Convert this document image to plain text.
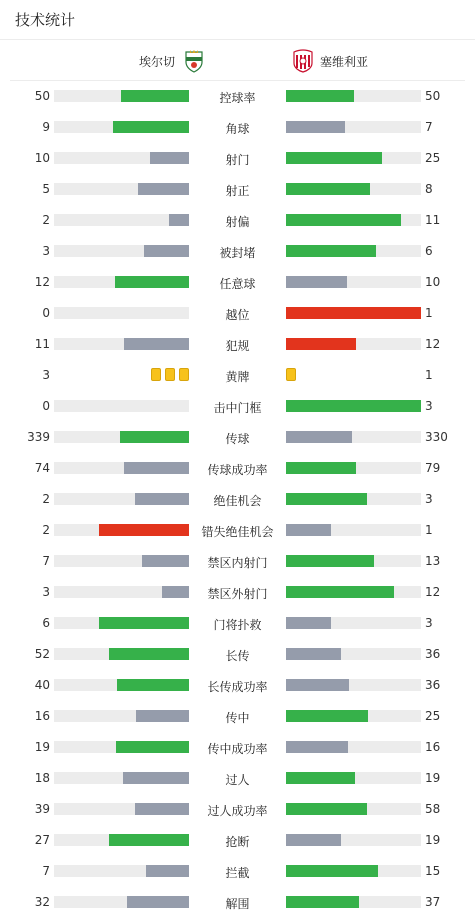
技术统计
埃尔切	塞维利亚
50	控球率	50
9	角球	7
10	射门	25
5	射正	8
2	射偏	11
3	被封堵	6
12	任意球	10
0	越位	1
11	犯规	12
3	黄牌	1
0	击中门框	3
339	传球	330
74	传球成功率	79
2	绝佳机会	3
2	错失绝佳机会	1
7	禁区内射门	13
3	禁区外射门	12
6	门将扑救	3
52	长传	36
40	长传成功率	36
16	传中	25
19	传中成功率	16
18	过人	19
39	过人成功率	58
27	抢断	19
7	拦截	15
32	解围	37
